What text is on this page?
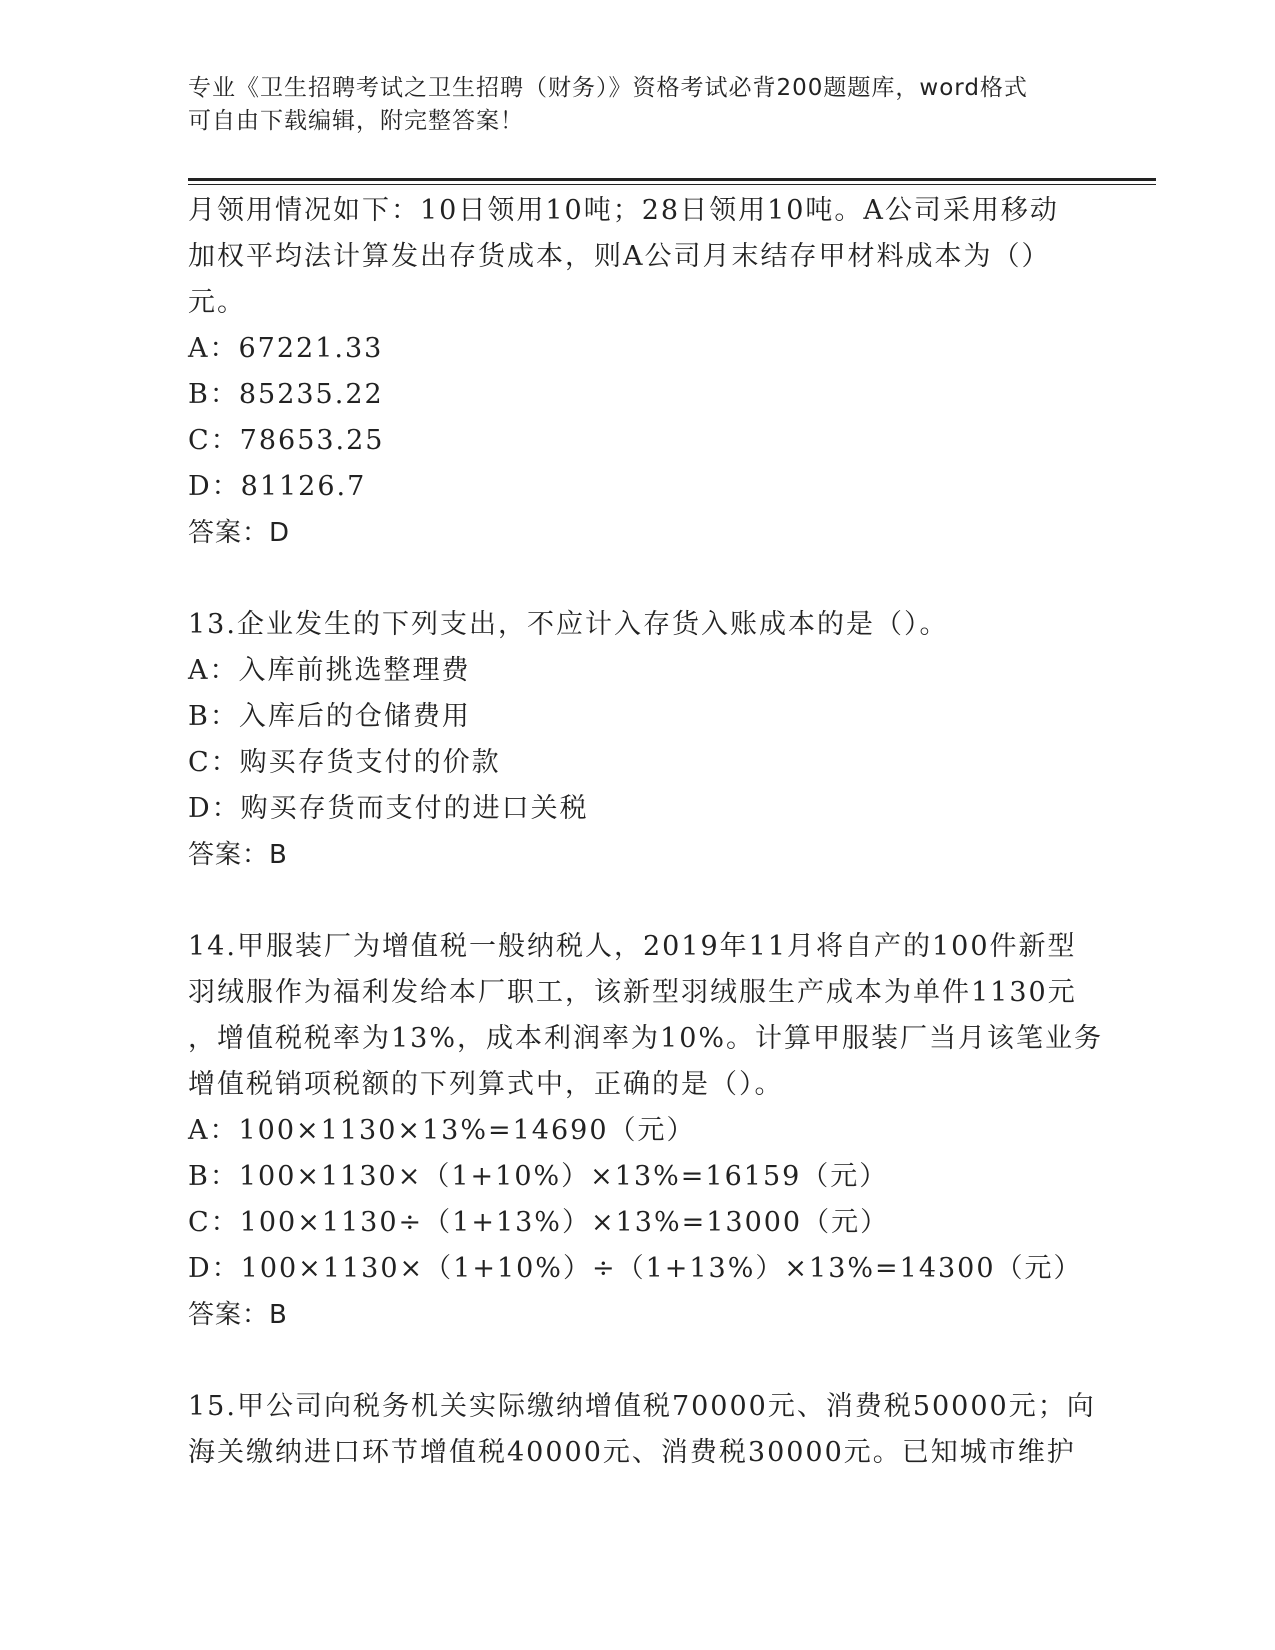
专业《卫生招聘考试之卫生招聘（财务）》资格考试必背200题题库，word格式
可自由下载编辑，附完整答案！
月领用情况如下：10日领用10吨；28日领用10吨。A公司采用移动
加权平均法计算发出存货成本，则A公司月末结存甲材料成本为（）
元。
A：67221.33
B：85235.22
C：78653.25
D：81126.7
答案：D
13.企业发生的下列支出，不应计入存货入账成本的是（）。
A：入库前挑选整理费
B：入库后的仓储费用
C：购买存货支付的价款
D：购买存货而支付的进口关税
答案：B
14.甲服装厂为增值税一般纳税人，2019年11月将自产的100件新型
羽绒服作为福利发给本厂职工，该新型羽绒服生产成本为单件1130元
，增值税税率为13%，成本利润率为10%。计算甲服装厂当月该笔业务
增值税销项税额的下列算式中，正确的是（）。
A：100×1130×13%=14690（元）
B：100×1130×（1+10%）×13%=16159（元）
C：100×1130÷（1+13%）×13%=13000（元）
D：100×1130×（1+10%）÷（1+13%）×13%=14300（元）
答案：B
15.甲公司向税务机关实际缴纳增值税70000元、消费税50000元；向
海关缴纳进口环节增值税40000元、消费税30000元。已知城市维护
